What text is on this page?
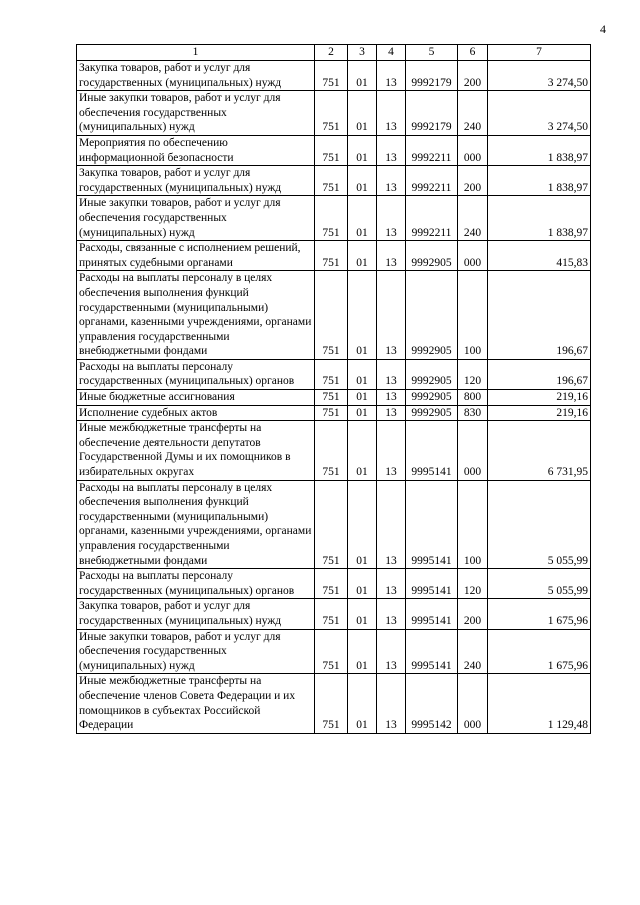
4
1	2	3	4	5	6	7
Закупка товаров, работ и услуг для государственных (муниципальных) нужд	751	01	13	9992179	200	3 274,50
Иные закупки товаров, работ и услуг для обеспечения государственных (муниципальных) нужд	751	01	13	9992179	240	3 274,50
Мероприятия по обеспечению информационной безопасности	751	01	13	9992211	000	1 838,97
Закупка товаров, работ и услуг для государственных (муниципальных) нужд	751	01	13	9992211	200	1 838,97
Иные закупки товаров, работ и услуг для обеспечения государственных (муниципальных) нужд	751	01	13	9992211	240	1 838,97
Расходы, связанные с исполнением решений, принятых судебными органами	751	01	13	9992905	000	415,83
Расходы на выплаты персоналу в целях обеспечения выполнения функций государственными (муниципальными) органами, казенными учреждениями, органами управления государственными внебюджетными фондами	751	01	13	9992905	100	196,67
Расходы на выплаты персоналу государственных (муниципальных) органов	751	01	13	9992905	120	196,67
Иные бюджетные ассигнования	751	01	13	9992905	800	219,16
Исполнение судебных актов	751	01	13	9992905	830	219,16
Иные межбюджетные трансферты на обеспечение деятельности депутатов Государственной Думы и их помощников в избирательных округах	751	01	13	9995141	000	6 731,95
Расходы на выплаты персоналу в целях обеспечения выполнения функций государственными (муниципальными) органами, казенными учреждениями, органами управления государственными внебюджетными фондами	751	01	13	9995141	100	5 055,99
Расходы на выплаты персоналу государственных (муниципальных) органов	751	01	13	9995141	120	5 055,99
Закупка товаров, работ и услуг для государственных (муниципальных) нужд	751	01	13	9995141	200	1 675,96
Иные закупки товаров, работ и услуг для обеспечения государственных (муниципальных) нужд	751	01	13	9995141	240	1 675,96
Иные межбюджетные трансферты на обеспечение членов Совета Федерации и их помощников в субъектах Российской Федерации	751	01	13	9995142	000	1 129,48
